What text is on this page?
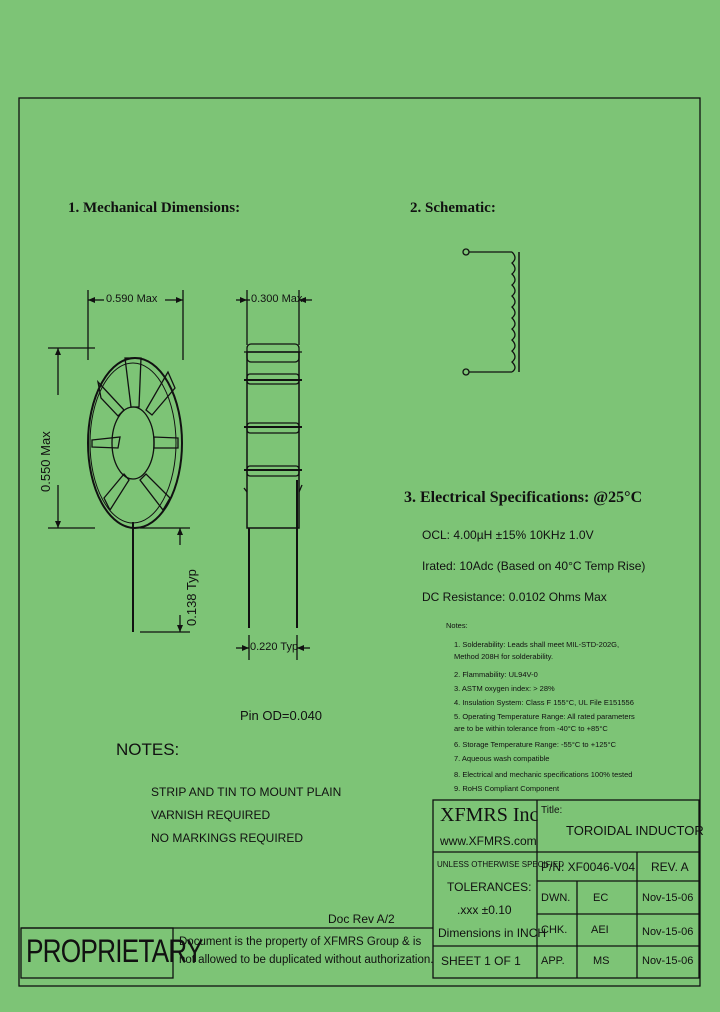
1. Mechanical Dimensions:	2. Schematic:
3. Electrical Specifications: @25°C
0.590 Max	0.300 Max
0.550 Max
0.138 Typ
0.220 Typ
Pin OD=0.040
OCL: 4.00µH ±15% 10KHz 1.0V
Irated: 10Adc (Based on 40°C Temp Rise)
DC Resistance: 0.0102 Ohms Max
Notes:
1. Solderability: Leads shall meet MIL-STD-202G,
Method 208H for solderability.
2. Flammability: UL94V-0
3. ASTM oxygen index: > 28%
4. Insulation System: Class F 155°C, UL File E151556
5. Operating Temperature Range: All rated parameters
are to be within tolerance from -40°C to +85°C
6. Storage Temperature Range: -55°C to +125°C
7. Aqueous wash compatible
8. Electrical and mechanic specifications 100% tested
9. RoHS Compliant Component
NOTES:
STRIP AND TIN TO MOUNT PLAIN
VARNISH REQUIRED
NO MARKINGS REQUIRED
Doc Rev A/2
PROPRIETARY
Document is the property of XFMRS Group & is
not allowed to be duplicated without authorization.
XFMRS Inc
www.XFMRS.com
Title:
TOROIDAL INDUCTOR
UNLESS OTHERWISE SPECIFIED
TOLERANCES:
.xxx ±0.10
Dimensions in INCH
SHEET 1 OF 1
P/N: XF0046-V04 REV. A
DWN. EC	Nov-15-06
CHK. AEI	Nov-15-06
APP.	MS	Nov-15-06
